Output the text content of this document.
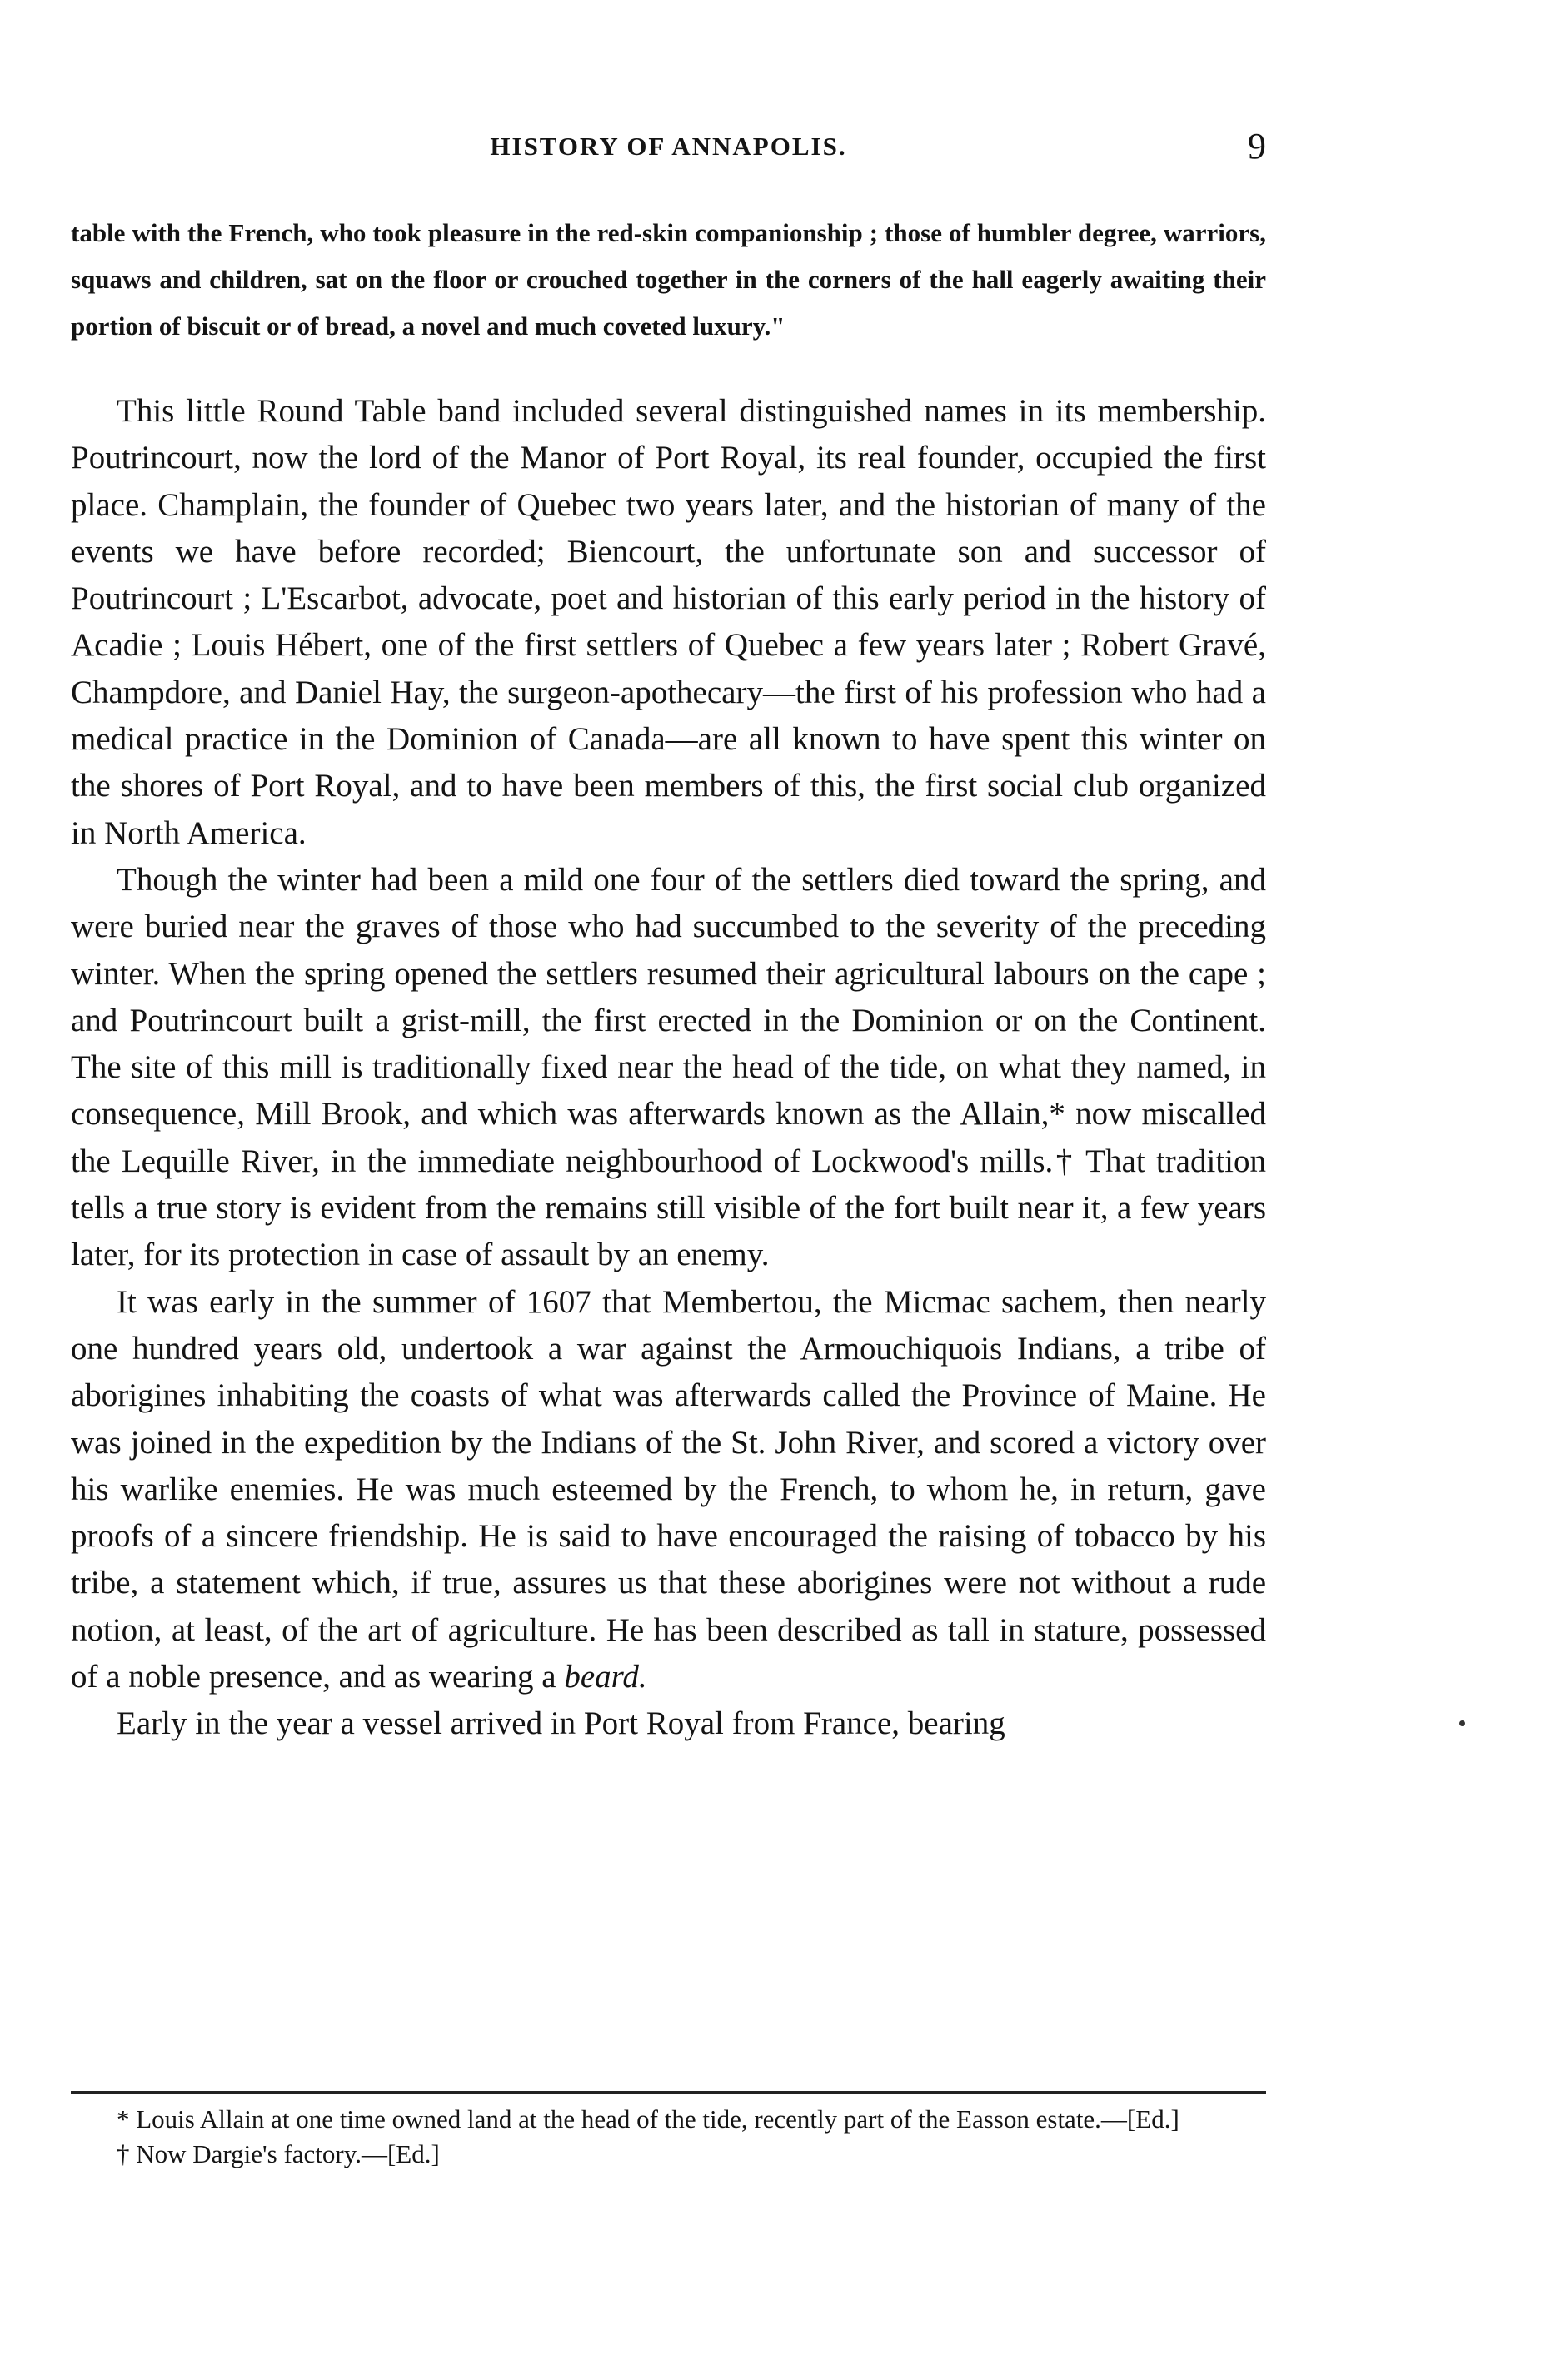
HISTORY OF ANNAPOLIS.	9
table with the French, who took pleasure in the red-skin companionship ; those of humbler degree, warriors, squaws and children, sat on the floor or crouched together in the corners of the hall eagerly awaiting their portion of biscuit or of bread, a novel and much coveted luxury."

This little Round Table band included several distinguished names in its membership. Poutrincourt, now the lord of the Manor of Port Royal, its real founder, occupied the first place. Champlain, the founder of Quebec two years later, and the historian of many of the events we have before recorded; Biencourt, the unfortunate son and successor of Poutrincourt ; L'Escarbot, advocate, poet and historian of this early period in the history of Acadie ; Louis Hébert, one of the first settlers of Quebec a few years later ; Robert Gravé, Champdore, and Daniel Hay, the surgeon-apothecary—the first of his profession who had a medical practice in the Dominion of Canada—are all known to have spent this winter on the shores of Port Royal, and to have been members of this, the first social club organized in North America.

Though the winter had been a mild one four of the settlers died toward the spring, and were buried near the graves of those who had succumbed to the severity of the preceding winter. When the spring opened the settlers resumed their agricultural labours on the cape ; and Poutrincourt built a grist-mill, the first erected in the Dominion or on the Continent. The site of this mill is traditionally fixed near the head of the tide, on what they named, in consequence, Mill Brook, and which was afterwards known as the Allain,* now miscalled the Lequille River, in the immediate neighbourhood of Lockwood's mills.† That tradition tells a true story is evident from the remains still visible of the fort built near it, a few years later, for its protection in case of assault by an enemy.

It was early in the summer of 1607 that Membertou, the Micmac sachem, then nearly one hundred years old, undertook a war against the Armouchiquois Indians, a tribe of aborigines inhabiting the coasts of what was afterwards called the Province of Maine. He was joined in the expedition by the Indians of the St. John River, and scored a victory over his warlike enemies. He was much esteemed by the French, to whom he, in return, gave proofs of a sincere friendship. He is said to have encouraged the raising of tobacco by his tribe, a statement which, if true, assures us that these aborigines were not without a rude notion, at least, of the art of agriculture. He has been described as tall in stature, possessed of a noble presence, and as wearing a beard.

Early in the year a vessel arrived in Port Royal from France, bearing

* Louis Allain at one time owned land at the head of the tide, recently part of the Easson estate.—[Ed.]

† Now Dargie's factory.—[Ed.]
